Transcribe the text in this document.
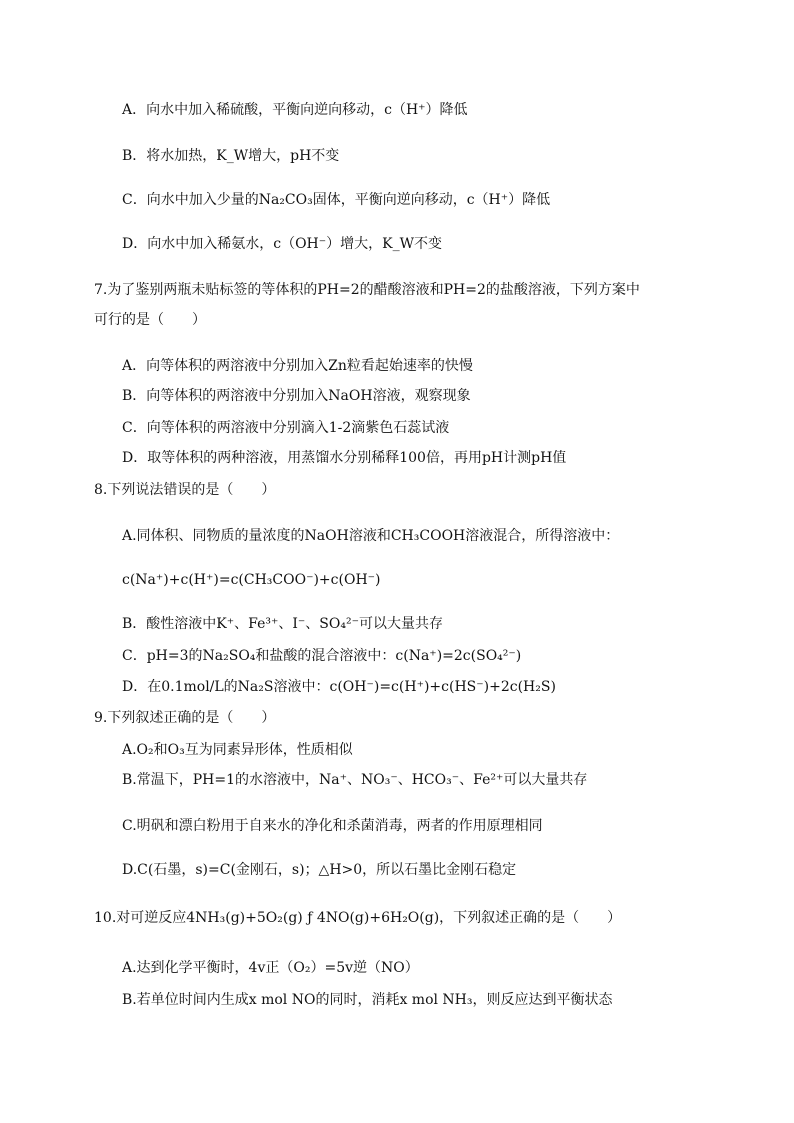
A．向水中加入稀硫酸，平衡向逆向移动，c（H⁺）降低
B．将水加热，K_W增大，pH不变
C．向水中加入少量的Na₂CO₃固体，平衡向逆向移动，c（H⁺）降低
D．向水中加入稀氨水，c（OH⁻）增大，K_W不变
7.为了鉴别两瓶未贴标签的等体积的PH=2的醋酸溶液和PH=2的盐酸溶液，下列方案中
可行的是（　　）
A．向等体积的两溶液中分别加入Zn粒看起始速率的快慢
B．向等体积的两溶液中分别加入NaOH溶液，观察现象
C．向等体积的两溶液中分别滴入1-2滴紫色石蕊试液
D．取等体积的两种溶液，用蒸馏水分别稀释100倍，再用pH计测pH值
8.下列说法错误的是（　　）
A.同体积、同物质的量浓度的NaOH溶液和CH₃COOH溶液混合，所得溶液中：
c(Na⁺)+c(H⁺)=c(CH₃COO⁻)+c(OH⁻)
B．酸性溶液中K⁺、Fe³⁺、I⁻、SO₄²⁻可以大量共存
C．pH=3的Na₂SO₄和盐酸的混合溶液中：c(Na⁺)=2c(SO₄²⁻)
D．在0.1mol/L的Na₂S溶液中：c(OH⁻)=c(H⁺)+c(HS⁻)+2c(H₂S)
9.下列叙述正确的是（　　）
A.O₂和O₃互为同素异形体，性质相似
B.常温下，PH=1的水溶液中，Na⁺、NO₃⁻、HCO₃⁻、Fe²⁺可以大量共存
C.明矾和漂白粉用于自来水的净化和杀菌消毒，两者的作用原理相同
D.C(石墨，s)=C(金刚石，s)；△H>0，所以石墨比金刚石稳定
10.对可逆反应4NH₃(g)+5O₂(g) ƒ 4NO(g)+6H₂O(g)，下列叙述正确的是（　　）
A.达到化学平衡时，4v正（O₂）=5v逆（NO）
B.若单位时间内生成x mol NO的同时，消耗x mol NH₃，则反应达到平衡状态
